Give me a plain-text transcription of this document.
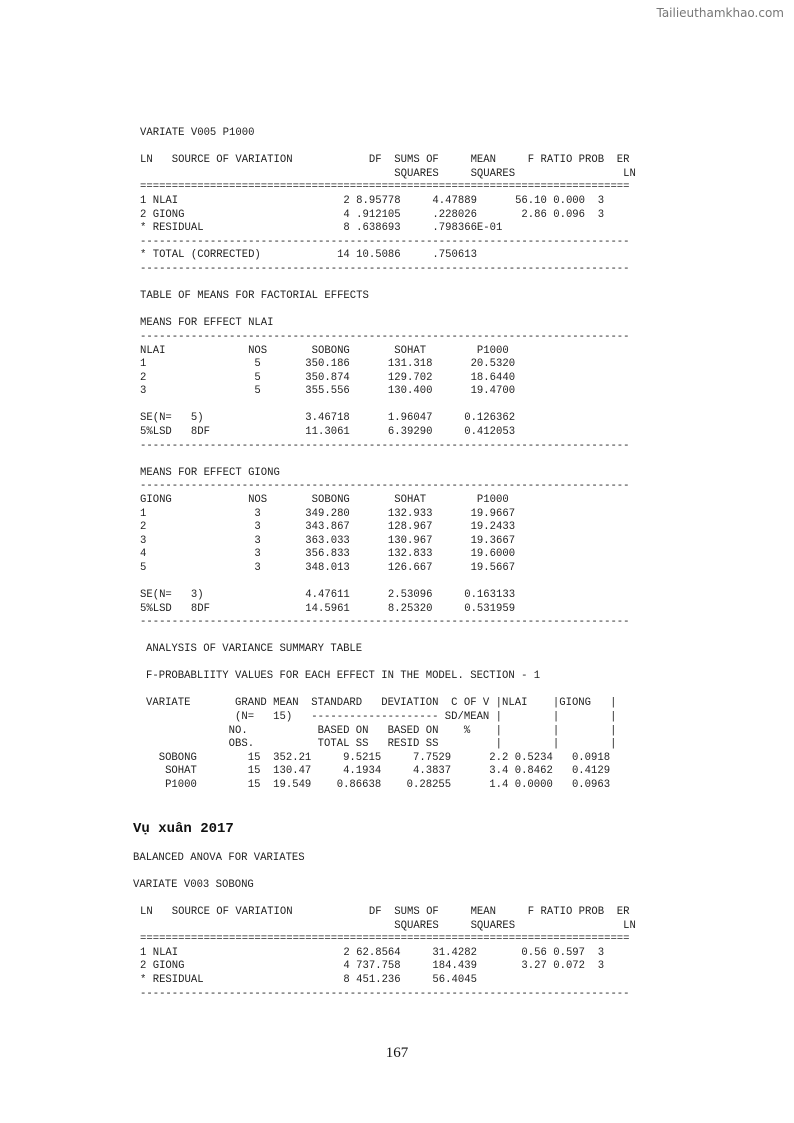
Tailieuthamkhao.com
VARIATE V005 P1000

LN   SOURCE OF VARIATION            DF  SUMS OF     MEAN     F RATIO PROB  ER
SQUARES     SQUARES                 LN
=============================================================================
1 NLAI                          2 8.95778     4.47889      56.10 0.000  3
2 GIONG                         4 .912105     .228026       2.86 0.096  3
* RESIDUAL                      8 .638693     .798366E-01
-----------------------------------------------------------------------------
* TOTAL (CORRECTED)            14 10.5086     .750613
-----------------------------------------------------------------------------

TABLE OF MEANS FOR FACTORIAL EFFECTS

MEANS FOR EFFECT NLAI
-----------------------------------------------------------------------------
NLAI             NOS       SOBONG       SOHAT        P1000
1                 5       350.186      131.318      20.5320
2                 5       350.874      129.702      18.6440
3                 5       355.556      130.400      19.4700

SE(N=   5)                3.46718      1.96047     0.126362
5%LSD   8DF               11.3061      6.39290     0.412053
-----------------------------------------------------------------------------

MEANS FOR EFFECT GIONG
-----------------------------------------------------------------------------
GIONG            NOS       SOBONG       SOHAT        P1000
1                 3       349.280      132.933      19.9667
2                 3       343.867      128.967      19.2433
3                 3       363.033      130.967      19.3667
4                 3       356.833      132.833      19.6000
5                 3       348.013      126.667      19.5667

SE(N=   3)                4.47611      2.53096     0.163133
5%LSD   8DF               14.5961      8.25320     0.531959
-----------------------------------------------------------------------------
ANALYSIS OF VARIANCE SUMMARY TABLE

F-PROBABLIITY VALUES FOR EACH EFFECT IN THE MODEL. SECTION - 1

VARIATE       GRAND MEAN  STANDARD   DEVIATION  C OF V |NLAI    |GIONG   |
(N=   15)   -------------------- SD/MEAN |        |        |
NO.           BASED ON   BASED ON    %    |        |        |
OBS.          TOTAL SS   RESID SS         |        |        |
SOBONG        15  352.21     9.5215     7.7529      2.2 0.5234   0.0918
SOHAT        15  130.47     4.1934     4.3837      3.4 0.8462   0.4129
P1000        15  19.549    0.86638    0.28255      1.4 0.0000   0.0963
Vụ xuân 2017
BALANCED ANOVA FOR VARIATES

VARIATE V003 SOBONG
LN   SOURCE OF VARIATION            DF  SUMS OF     MEAN     F RATIO PROB  ER
SQUARES     SQUARES                 LN
=============================================================================
1 NLAI                          2 62.8564     31.4282       0.56 0.597  3
2 GIONG                         4 737.758     184.439       3.27 0.072  3
* RESIDUAL                      8 451.236     56.4045
-----------------------------------------------------------------------------
167
